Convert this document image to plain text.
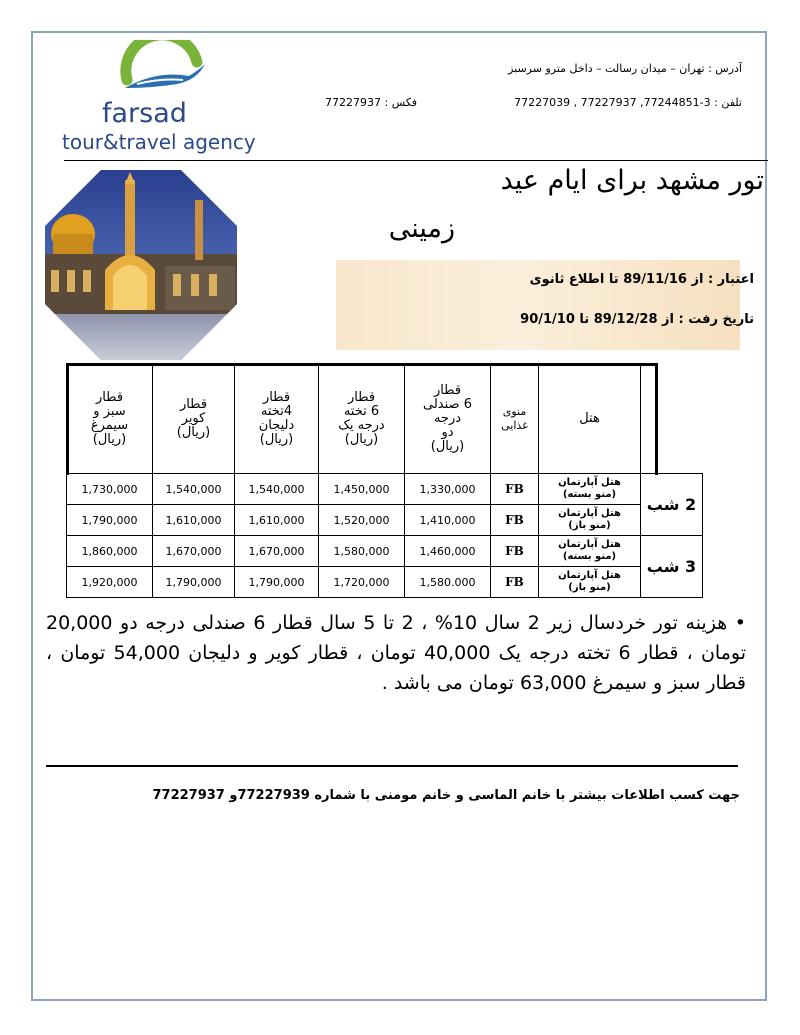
farsad
tour&travel agency
آدرس : تهران – میدان رسالت – داخل مترو سرسبز
تلفن : 3-77244851, 77227937 , 77227039
فکس : 77227937
تور مشهد برای ایام عید
زمینی
اعتبار : از 89/11/16 تا اطلاع ثانوی
تاریخ رفت : از 89/12/28 تا 90/1/10
قطار
سبز و
سیمرغ
(ریال)	قطار
کویر
(ریال)	قطار
4تخته
دلیجان
(ریال)	قطار
6 تخته
درجه یک
(ریال)	قطار
6 صندلی
درجه
دو
(ریال)	منوی غذایی	هتل	
1,730,000	1,540,000	1,540,000	1,450,000	1,330,000	FB	هتل آپارتمان
(منو بسته)	2 شب
1,790,000	1,610,000	1,610,000	1,520,000	1,410,000	FB	هتل آپارتمان
(منو باز)	
1,860,000	1,670,000	1,670,000	1,580,000	1,460,000	FB	هتل آپارتمان
(منو بسته)	3 شب
1,920,000	1,790,000	1,790,000	1,720,000	1,580.000	FB	هتل آپارتمان
(منو باز)	
• هزینه تور خردسال زیر 2 سال 10% ، 2 تا 5 سال قطار 6 صندلی درجه دو 20,000 تومان ، قطار 6 تخته درجه یک 40,000 تومان ، قطار کویر و دلیجان 54,000 تومان ، قطار سبز و سیمرغ 63,000 تومان می باشد .
جهت کسب اطلاعات بیشتر با خانم الماسی و خانم مومنی با شماره 77227939و 77227937
